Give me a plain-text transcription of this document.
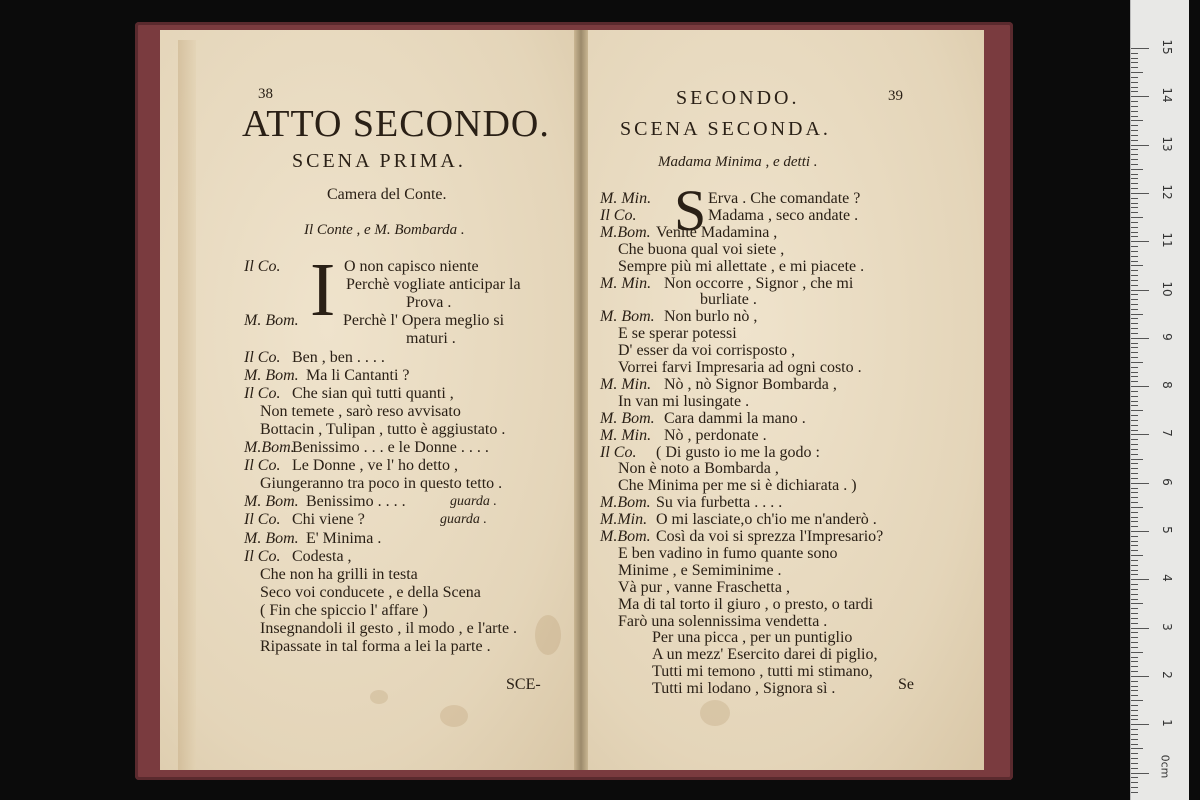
38
ATTO SECONDO.
SCENA PRIMA.
Camera del Conte.
Il Conte , e M. Bombarda .
I
Il Co.	O non capisco niente
Perchè vogliate anticipar la
Prova .
M. Bom.	Perchè l' Opera meglio si
maturi .
Il Co. Ben , ben . . . .
M. Bom. Ma li Cantanti ?
Il Co. Che sian quì tutti quanti ,
Non temete , sarò reso avvisato
Bottacin , Tulipan , tutto è aggiustato .
M.Bom.
Benissimo . . . e le Donne . . . .
Il Co. Le Donne , ve l' ho detto ,
Giungeranno tra poco in questo tetto .
M. Bom. Benissimo . . . .
Il Co. Chi viene ?
M. Bom. E' Minima .
Il Co. Codesta ,
Che non ha grilli in testa
Seco voi conducete , e della Scena
( Fin che spiccio l' affare )
Insegnandoli il gesto , il modo , e l'arte .
Ripassate in tal forma a lei la parte .
guarda .
guarda .
SCE-
SECONDO.	39
SCENA SECONDA.
Madama Minima , e detti .
S
M. Min.	Erva . Che comandate ?
Il Co.	Madama , seco andate .
M.Bom. Venite Madamina ,
Che buona qual voi siete ,
Sempre più mi allettate , e mi piacete .
M. Min. Non occorre , Signor , che mi
burliate .
M. Bom. Non burlo nò ,
E se sperar potessi
D' esser da voi corrisposto ,
Vorrei farvi Impresaria ad ogni costo .
M. Min. Nò , nò Signor Bombarda ,
In van mi lusingate .
M. Bom. Cara dammi la mano .
M. Min. Nò , perdonate .
Il Co. ( Di gusto io me la godo :
Non è noto a Bombarda ,
Che Minima per me si è dichiarata . )
M.Bom. Su via furbetta . . . .
M.Min. O mi lasciate,o ch'io me n'anderò .
M.Bom. Così da voi si sprezza l'Impresario?
E ben vadino in fumo quante sono
Minime , e Semiminime .
Và pur , vanne Fraschetta ,
Ma di tal torto il giuro , o presto, o tardi
Farò una solennissima vendetta .
Per una picca , per un puntiglio
A un mezz' Esercito darei di piglio,
Tutti mi temono , tutti mi stimano,
Tutti mi lodano , Signora sì .	Se
15
14
13
12
11
10
9
8
7
6
5
4
3
2
1
0cm
